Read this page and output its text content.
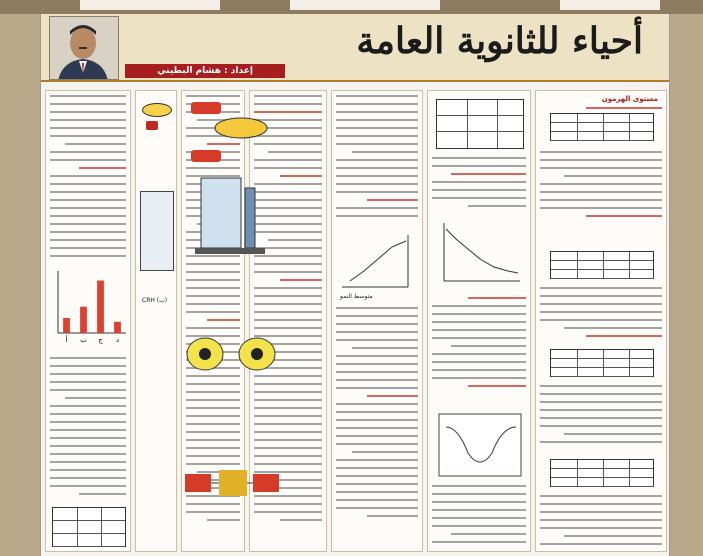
أحياء للثانوية العامة
إعداد : هشام البطيني
مستوى الهرمون
متوسط النمو

CRH (ب)
أ ب ج د
